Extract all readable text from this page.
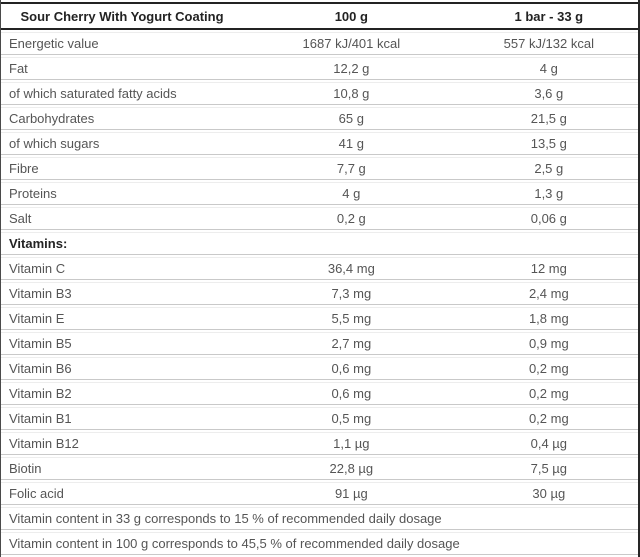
Sour Cherry With Yogurt Coating	100 g	1 bar - 33 g
Energetic value	1687 kJ/401 kcal	557 kJ/132 kcal
Fat	12,2 g	4 g
of which saturated fatty acids	10,8 g	3,6 g
Carbohydrates	65 g	21,5 g
of which sugars	41 g	13,5 g
Fibre	7,7 g	2,5 g
Proteins	4 g	1,3 g
Salt	0,2 g	0,06 g
Vitamins:		
Vitamin C	36,4 mg	12 mg
Vitamin B3	7,3 mg	2,4 mg
Vitamin E	5,5 mg	1,8 mg
Vitamin B5	2,7 mg	0,9 mg
Vitamin B6	0,6 mg	0,2 mg
Vitamin B2	0,6 mg	0,2 mg
Vitamin B1	0,5 mg	0,2 mg
Vitamin B12	1,1 µg	0,4 µg
Biotin	22,8 µg	7,5 µg
Folic acid	91 µg	30 µg
Vitamin content in 33 g corresponds to 15 % of recommended daily dosage		
Vitamin content in 100 g corresponds to 45,5 % of recommended daily dosage		
